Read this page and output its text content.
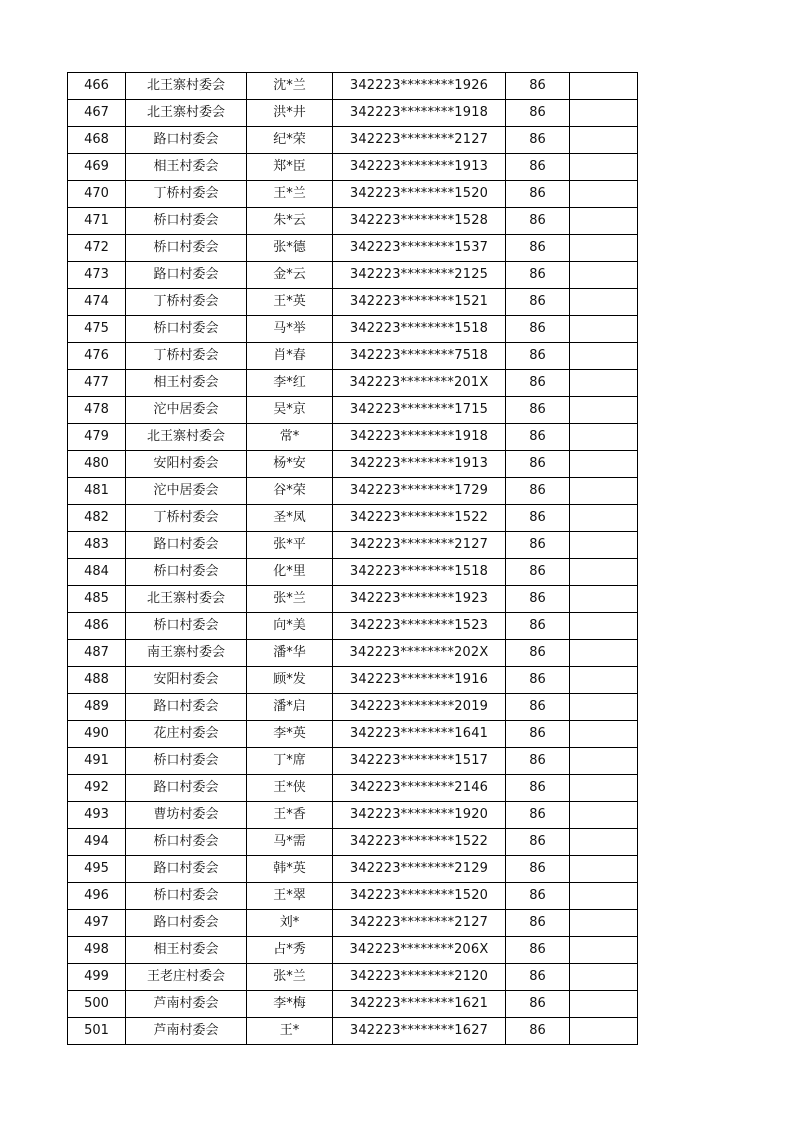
466	北王寨村委会	沈*兰	342223********1926	86	
467	北王寨村委会	洪*井	342223********1918	86	
468	路口村委会	纪*荣	342223********2127	86	
469	相王村委会	郑*臣	342223********1913	86	
470	丁桥村委会	王*兰	342223********1520	86	
471	桥口村委会	朱*云	342223********1528	86	
472	桥口村委会	张*德	342223********1537	86	
473	路口村委会	金*云	342223********2125	86	
474	丁桥村委会	王*英	342223********1521	86	
475	桥口村委会	马*举	342223********1518	86	
476	丁桥村委会	肖*春	342223********7518	86	
477	相王村委会	李*红	342223********201X	86	
478	沱中居委会	吴*京	342223********1715	86	
479	北王寨村委会	常*	342223********1918	86	
480	安阳村委会	杨*安	342223********1913	86	
481	沱中居委会	谷*荣	342223********1729	86	
482	丁桥村委会	圣*凤	342223********1522	86	
483	路口村委会	张*平	342223********2127	86	
484	桥口村委会	化*里	342223********1518	86	
485	北王寨村委会	张*兰	342223********1923	86	
486	桥口村委会	向*美	342223********1523	86	
487	南王寨村委会	潘*华	342223********202X	86	
488	安阳村委会	顾*发	342223********1916	86	
489	路口村委会	潘*启	342223********2019	86	
490	花庄村委会	李*英	342223********1641	86	
491	桥口村委会	丁*席	342223********1517	86	
492	路口村委会	王*侠	342223********2146	86	
493	曹坊村委会	王*香	342223********1920	86	
494	桥口村委会	马*需	342223********1522	86	
495	路口村委会	韩*英	342223********2129	86	
496	桥口村委会	王*翠	342223********1520	86	
497	路口村委会	刘*	342223********2127	86	
498	相王村委会	占*秀	342223********206X	86	
499	王老庄村委会	张*兰	342223********2120	86	
500	芦南村委会	李*梅	342223********1621	86	
501	芦南村委会	王*	342223********1627	86	
